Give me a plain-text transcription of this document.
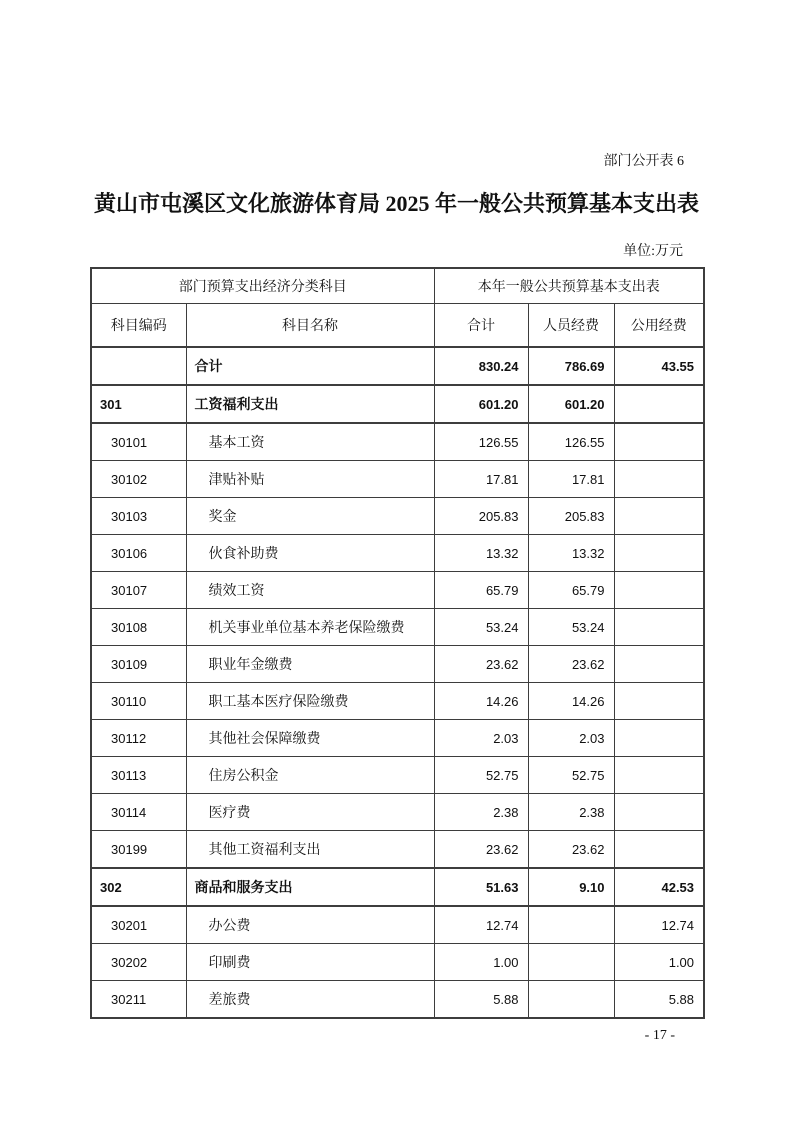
部门公开表 6
黄山市屯溪区文化旅游体育局 2025 年一般公共预算基本支出表
单位:万元
部门预算支出经济分类科目		本年一般公共预算基本支出表		
科目编码	科目名称	合计	人员经费	公用经费
	合计	830.24	786.69	43.55
301	工资福利支出	601.20	601.20	
30101	基本工资	126.55	126.55	
30102	津贴补贴	17.81	17.81	
30103	奖金	205.83	205.83	
30106	伙食补助费	13.32	13.32	
30107	绩效工资	65.79	65.79	
30108	机关事业单位基本养老保险缴费	53.24	53.24	
30109	职业年金缴费	23.62	23.62	
30110	职工基本医疗保险缴费	14.26	14.26	
30112	其他社会保障缴费	2.03	2.03	
30113	住房公积金	52.75	52.75	
30114	医疗费	2.38	2.38	
30199	其他工资福利支出	23.62	23.62	
302	商品和服务支出	51.63	9.10	42.53
30201	办公费	12.74		12.74
30202	印刷费	1.00		1.00
30211	差旅费	5.88		5.88
- 17 -
